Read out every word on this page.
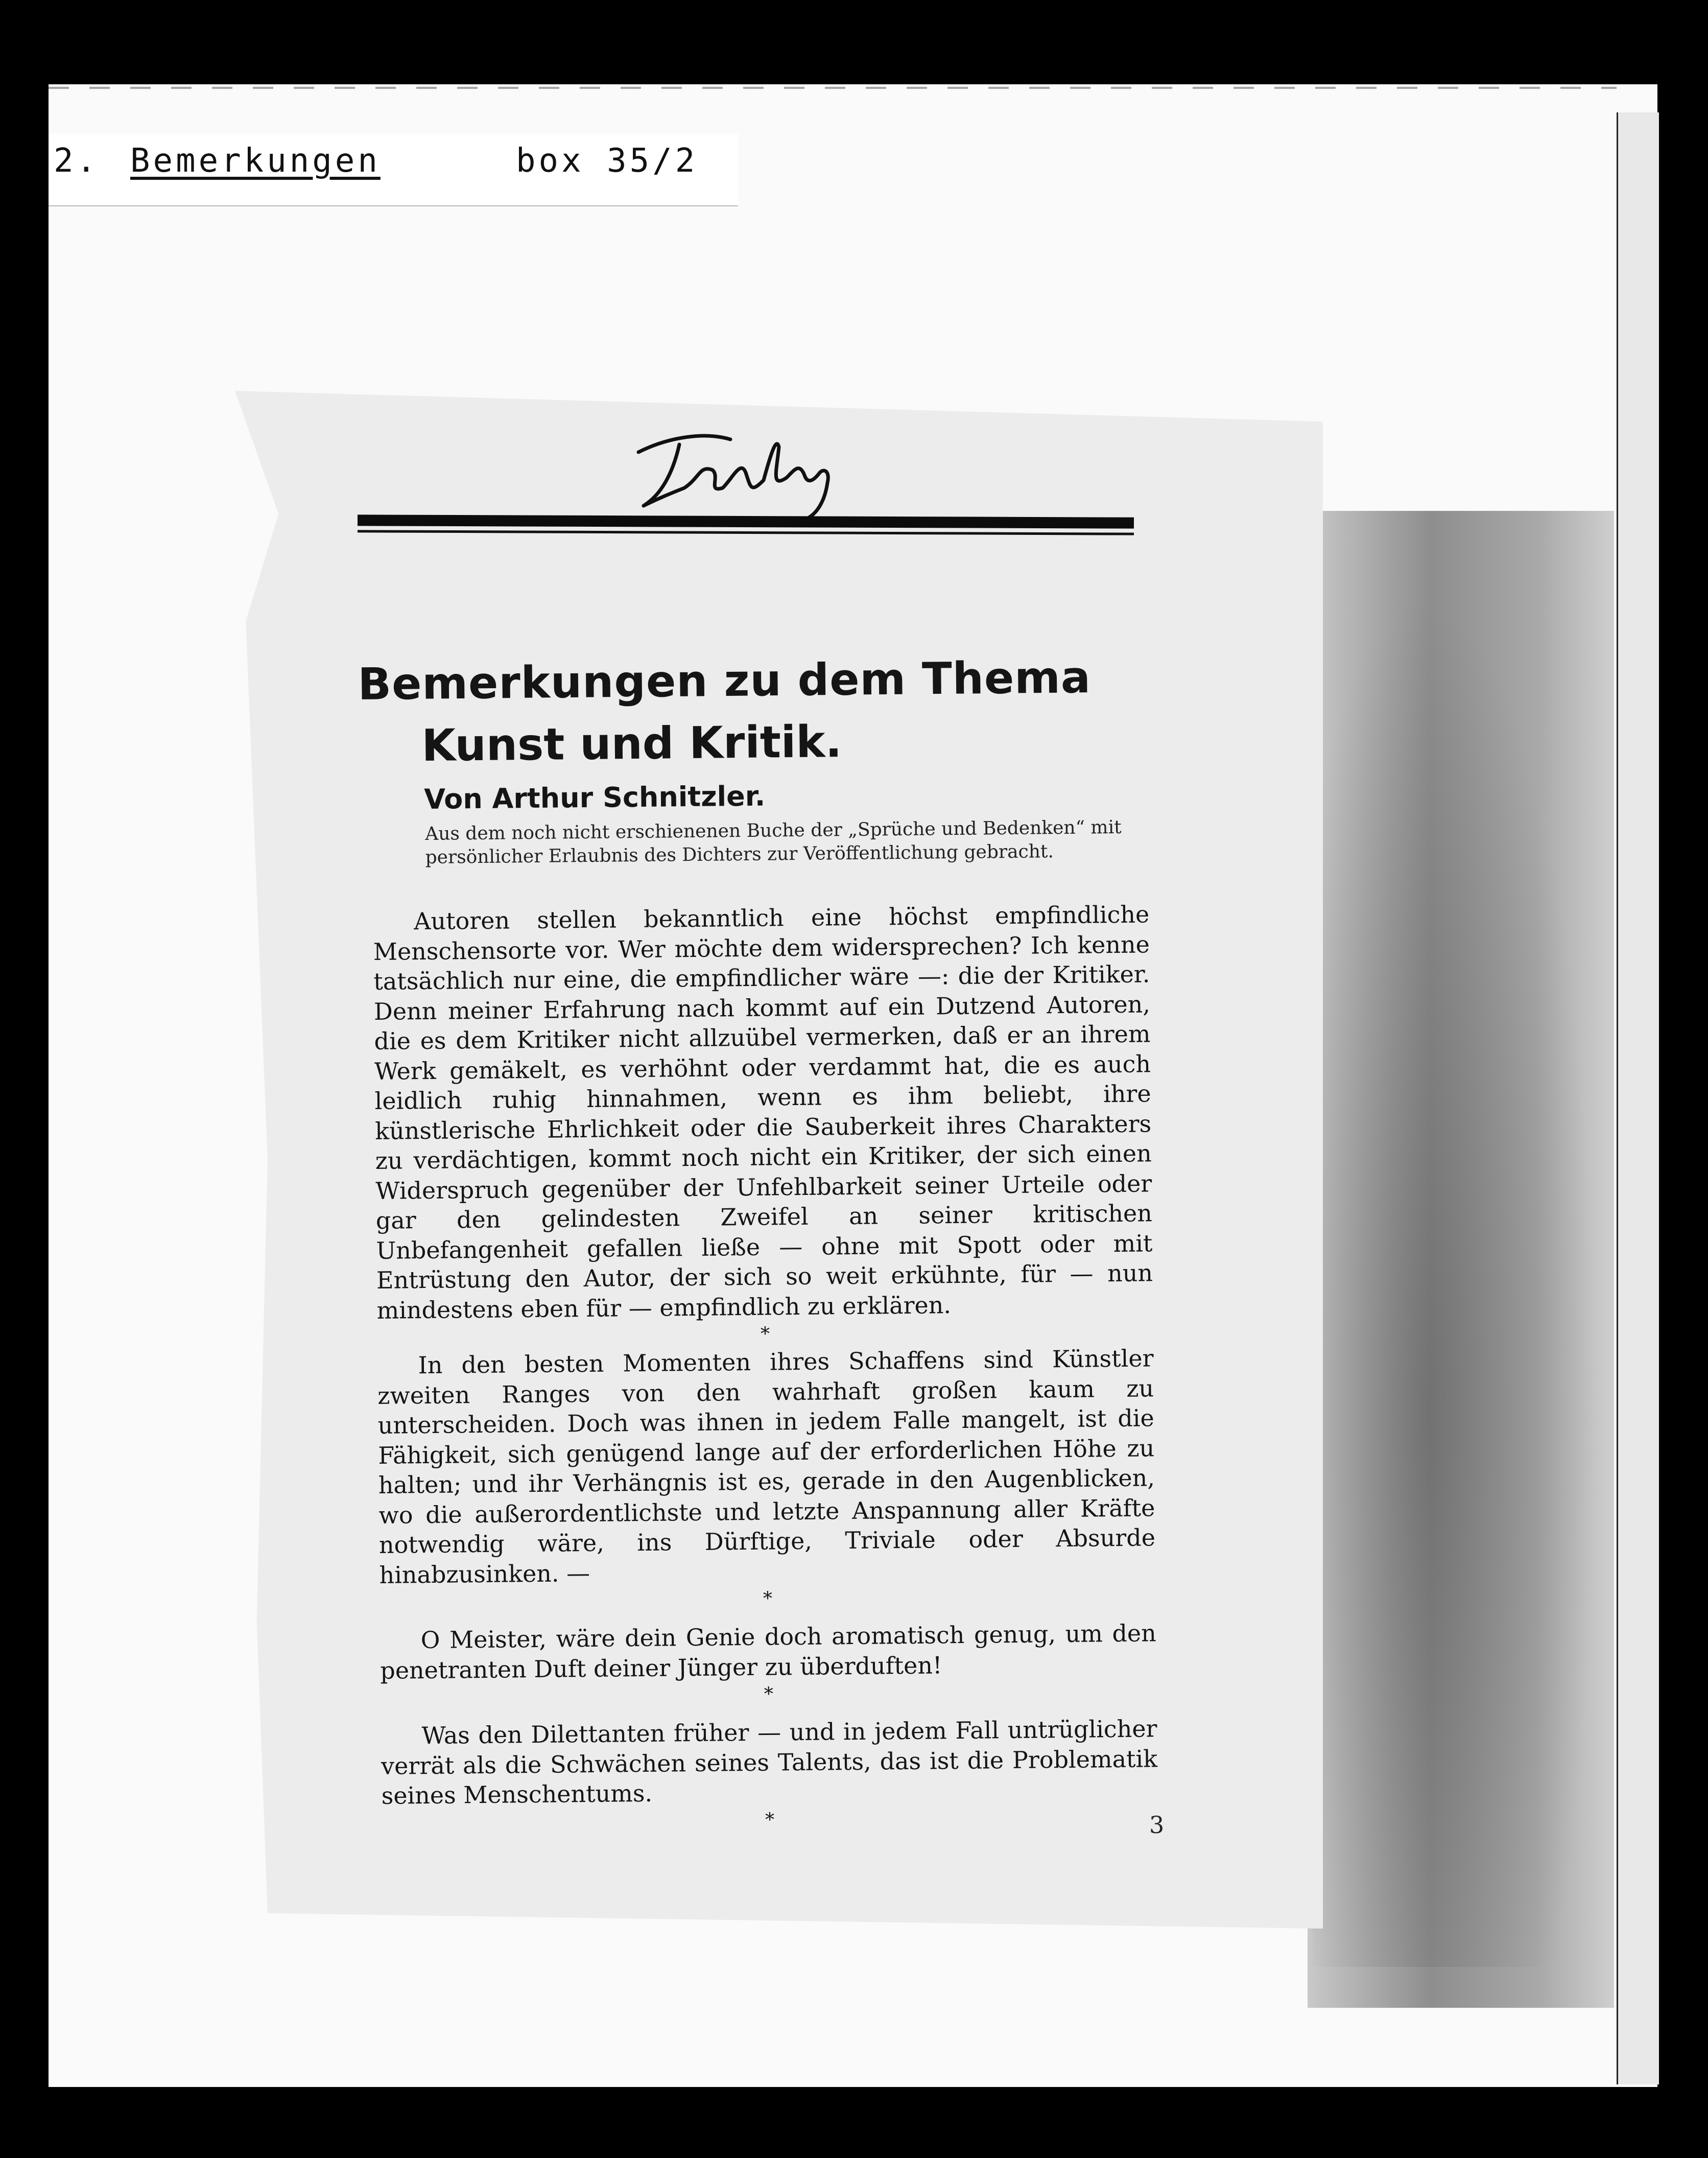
2. Bemerkungen	box 35/2
Bemerkungen zu dem Thema
Kunst und Kritik.
Von Arthur Schnitzler.
Aus dem noch nicht erschienenen Buche der „Sprüche und Bedenken“ mit persönlicher Erlaubnis des Dichters zur Veröffentlichung gebracht.

Autoren stellen bekanntlich eine höchst empfindliche Menschensorte vor. Wer möchte dem widersprechen? Ich kenne tatsächlich nur eine, die empfindlicher wäre —: die der Kritiker. Denn meiner Erfahrung nach kommt auf ein Dutzend Autoren, die es dem Kritiker nicht allzuübel vermerken, daß er an ihrem Werk gemäkelt, es verhöhnt oder verdammt hat, die es auch leidlich ruhig hinnahmen, wenn es ihm beliebt, ihre künstlerische Ehrlichkeit oder die Sauberkeit ihres Charakters zu verdächtigen, kommt noch nicht ein Kritiker, der sich einen Widerspruch gegenüber der Unfehlbarkeit seiner Urteile oder gar den gelindesten Zweifel an seiner kritischen Unbefangenheit gefallen ließe — ohne mit Spott oder mit Entrüstung den Autor, der sich so weit erkühnte, für — nun mindestens eben für — empfindlich zu erklären.

*

In den besten Momenten ihres Schaffens sind Künstler zweiten Ranges von den wahrhaft großen kaum zu unterscheiden. Doch was ihnen in jedem Falle mangelt, ist die Fähigkeit, sich genügend lange auf der erforderlichen Höhe zu halten; und ihr Verhängnis ist es, gerade in den Augenblicken, wo die außerordentlichste und letzte Anspannung aller Kräfte notwendig wäre, ins Dürftige, Triviale oder Absurde hinabzusinken. —

*

O Meister, wäre dein Genie doch aromatisch genug, um den penetranten Duft deiner Jünger zu überduften!

*

Was den Dilettanten früher — und in jedem Fall untrüglicher verrät als die Schwächen seines Talents, das ist die Problematik seines Menschentums.

*	3
